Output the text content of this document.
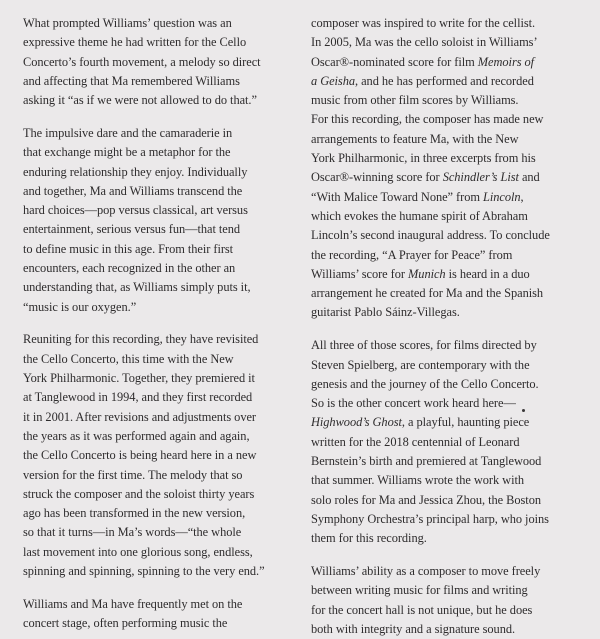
What prompted Williams’ question was an
expressive theme he had written for the Cello
Concerto’s fourth movement, a melody so direct
and affecting that Ma remembered Williams
asking it “as if we were not allowed to do that.”

The impulsive dare and the camaraderie in
that exchange might be a metaphor for the
enduring relationship they enjoy. Individually
and together, Ma and Williams transcend the
hard choices—pop versus classical, art versus
entertainment, serious versus fun—that tend
to define music in this age. From their first
encounters, each recognized in the other an
understanding that, as Williams simply puts it,
“music is our oxygen.”

Reuniting for this recording, they have revisited
the Cello Concerto, this time with the New
York Philharmonic. Together, they premiered it
at Tanglewood in 1994, and they first recorded
it in 2001. After revisions and adjustments over
the years as it was performed again and again,
the Cello Concerto is being heard here in a new
version for the first time. The melody that so
struck the composer and the soloist thirty years
ago has been transformed in the new version,
so that it turns—in Ma’s words—“the whole
last movement into one glorious song, endless,
spinning and spinning, spinning to the very end.”

Williams and Ma have frequently met on the
concert stage, often performing music the

composer was inspired to write for the cellist.
In 2005, Ma was the cello soloist in Williams’
Oscar®-nominated score for film Memoirs of
a Geisha, and he has performed and recorded
music from other film scores by Williams.
For this recording, the composer has made new
arrangements to feature Ma, with the New
York Philharmonic, in three excerpts from his
Oscar®-winning score for Schindler’s List and
“With Malice Toward None” from Lincoln,
which evokes the humane spirit of Abraham
Lincoln’s second inaugural address. To conclude
the recording, “A Prayer for Peace” from
Williams’ score for Munich is heard in a duo
arrangement he created for Ma and the Spanish
guitarist Pablo Sáinz-Villegas.

All three of those scores, for films directed by
Steven Spielberg, are contemporary with the
genesis and the journey of the Cello Concerto.
So is the other concert work heard here—
Highwood’s Ghost, a playful, haunting piece
written for the 2018 centennial of Leonard
Bernstein’s birth and premiered at Tanglewood
that summer. Williams wrote the work with
solo roles for Ma and Jessica Zhou, the Boston
Symphony Orchestra’s principal harp, who joins
them for this recording.

Williams’ ability as a composer to move freely
between writing music for films and writing
for the concert hall is not unique, but he does
both with integrity and a signature sound.
